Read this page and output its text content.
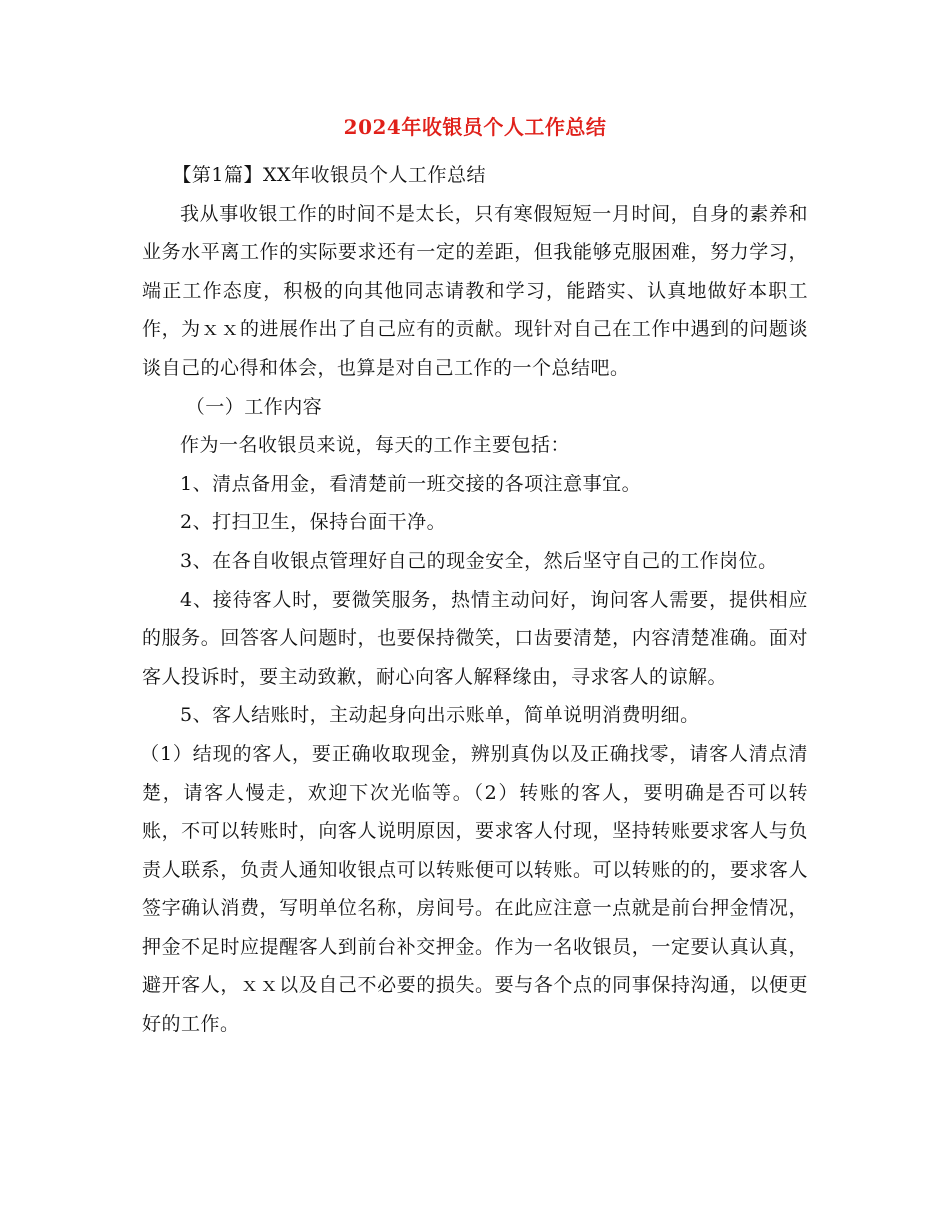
2024年收银员个人工作总结

【第1篇】XX年收银员个人工作总结

我从事收银工作的时间不是太长，只有寒假短短一月时间，自身的素养和业务水平离工作的实际要求还有一定的差距，但我能够克服困难，努力学习，端正工作态度，积极的向其他同志请教和学习，能踏实、认真地做好本职工作，为ｘｘ的进展作出了自己应有的贡献。现针对自己在工作中遇到的问题谈谈自己的心得和体会，也算是对自己工作的一个总结吧。

（一）工作内容

作为一名收银员来说，每天的工作主要包括：

1、清点备用金，看清楚前一班交接的各项注意事宜。

2、打扫卫生，保持台面干净。

3、在各自收银点管理好自己的现金安全，然后坚守自己的工作岗位。

4、接待客人时，要微笑服务，热情主动问好，询问客人需要，提供相应的服务。回答客人问题时，也要保持微笑，口齿要清楚，内容清楚准确。面对客人投诉时，要主动致歉，耐心向客人解释缘由，寻求客人的谅解。

5、客人结账时，主动起身向出示账单，简单说明消费明细。

（1）结现的客人，要正确收取现金，辨别真伪以及正确找零，请客人清点清楚，请客人慢走，欢迎下次光临等。（2）转账的客人，要明确是否可以转账，不可以转账时，向客人说明原因，要求客人付现，坚持转账要求客人与负责人联系，负责人通知收银点可以转账便可以转账。可以转账的的，要求客人签字确认消费，写明单位名称，房间号。在此应注意一点就是前台押金情况，押金不足时应提醒客人到前台补交押金。作为一名收银员，一定要认真认真，避开客人，ｘｘ以及自己不必要的损失。要与各个点的同事保持沟通，以便更好的工作。
